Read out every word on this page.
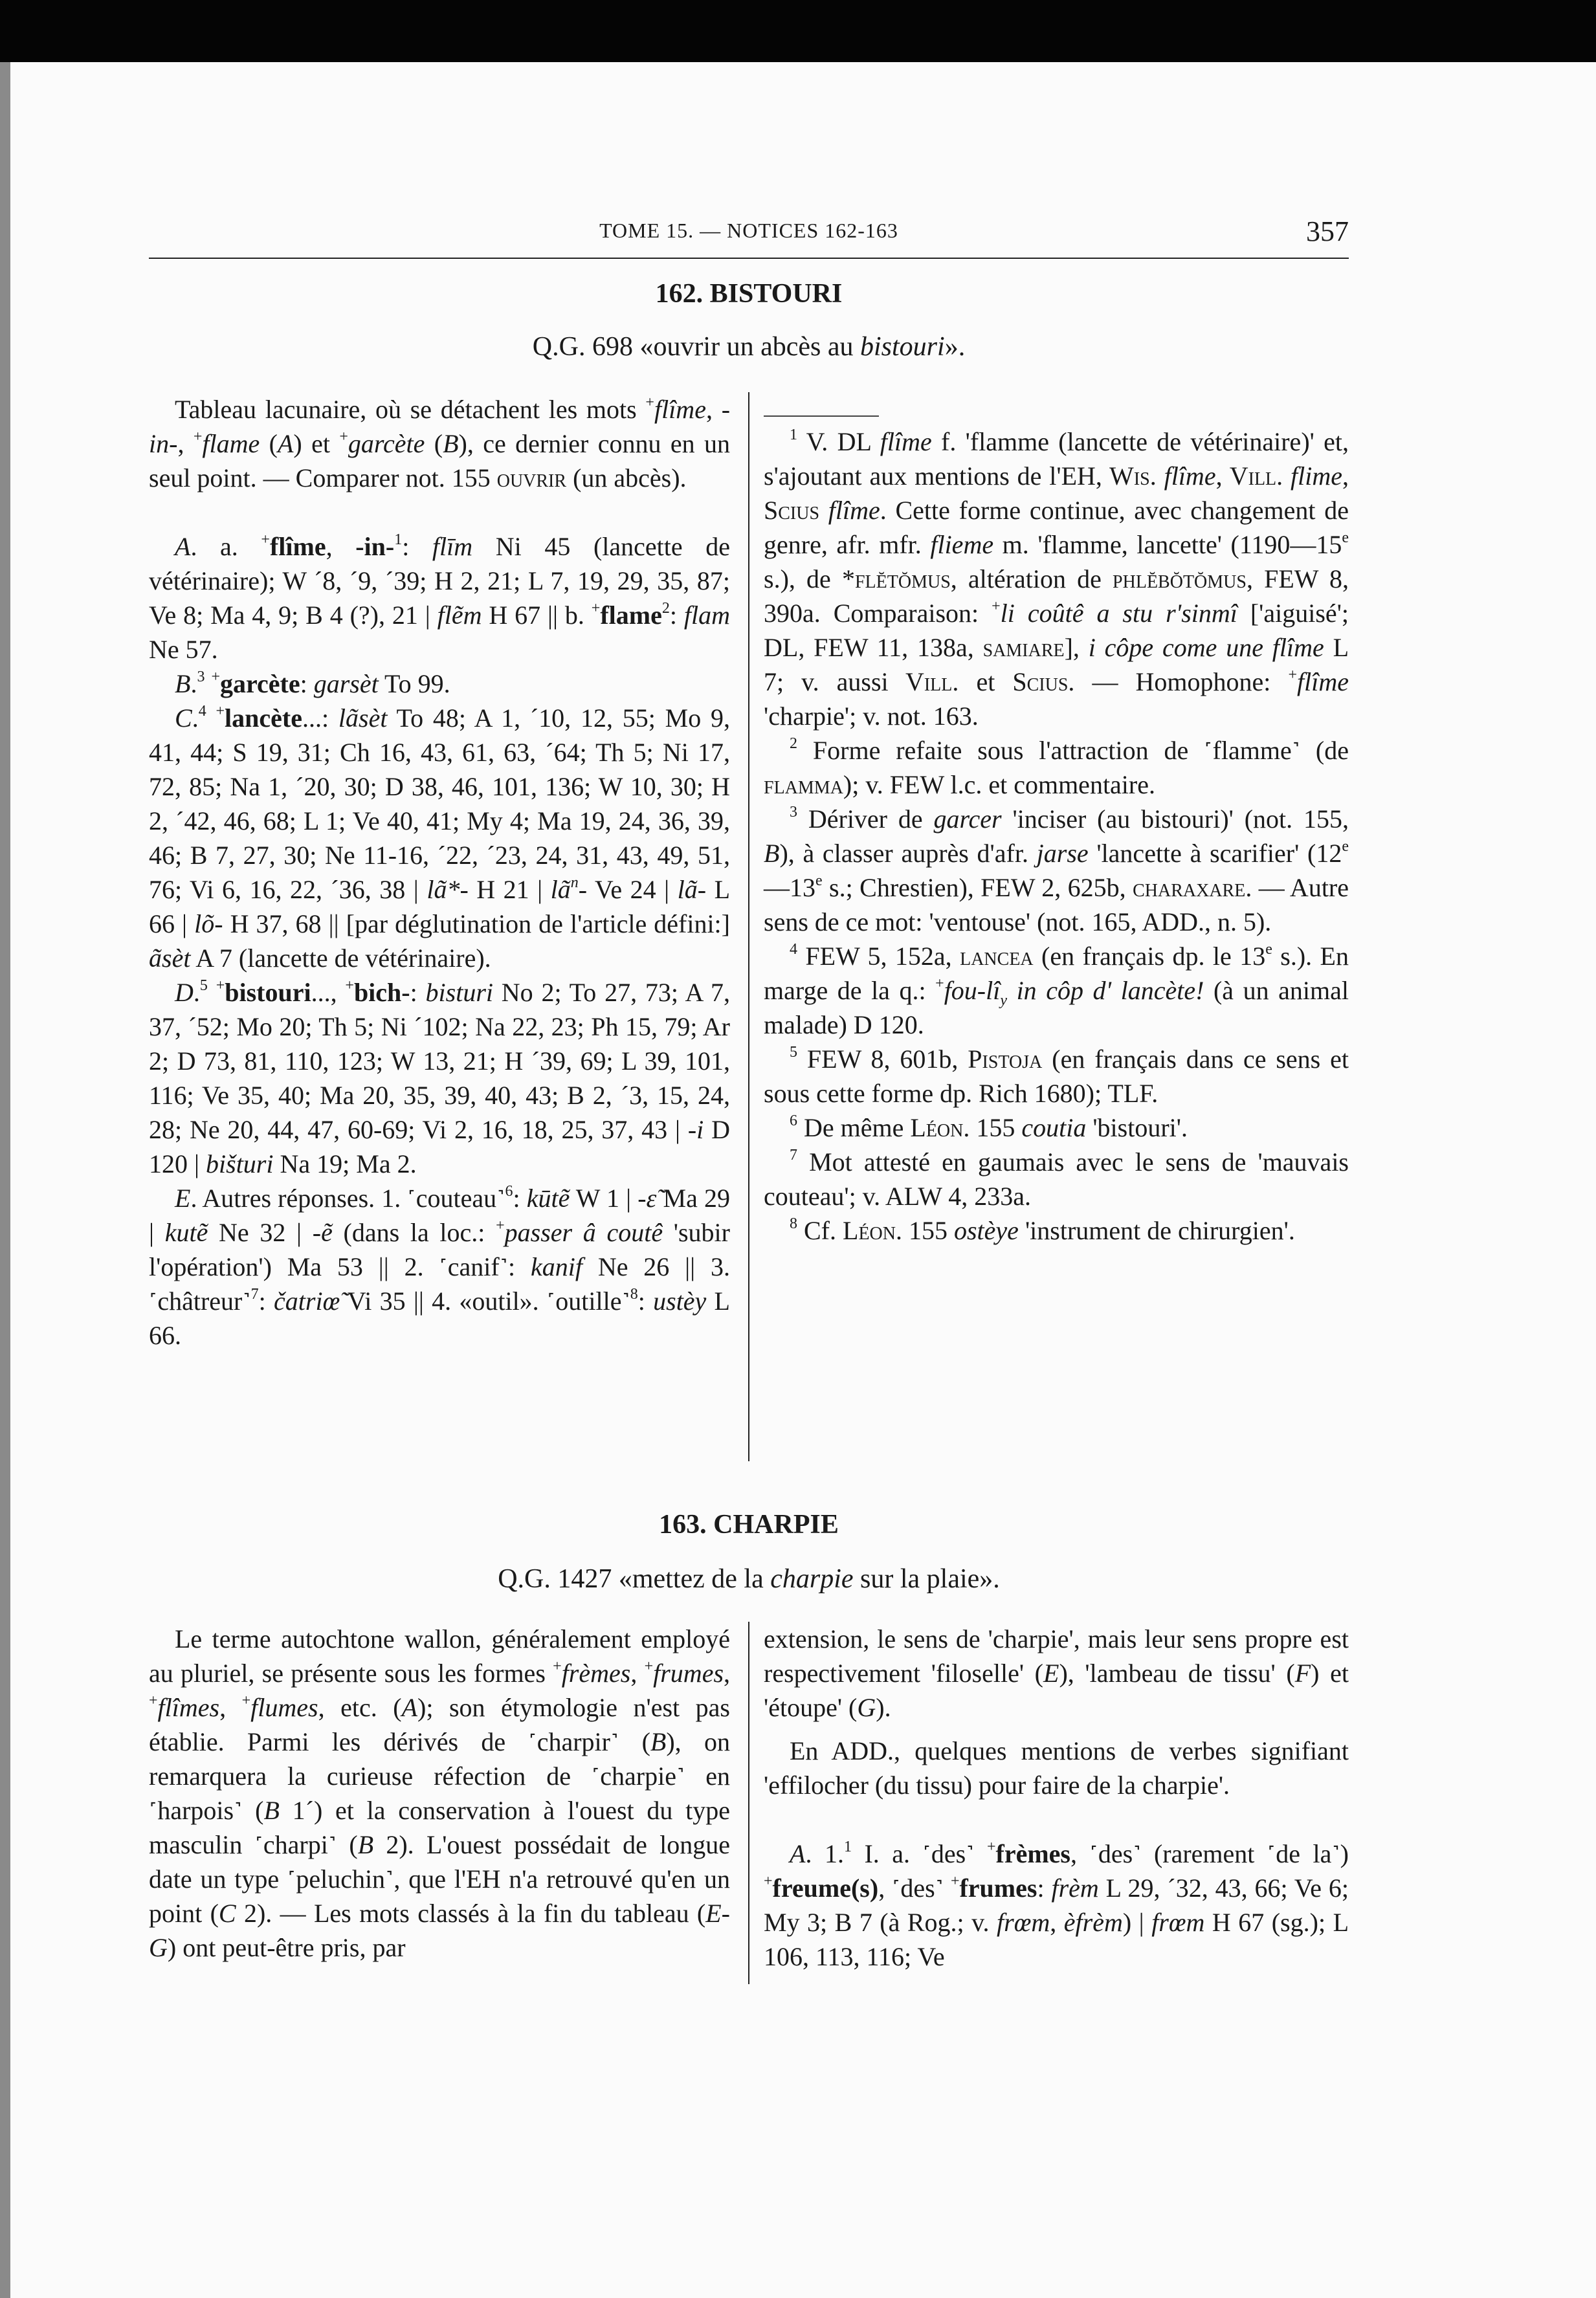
TOME 15. — NOTICES 162-163	357
162. BISTOURI
Q.G. 698 «ouvrir un abcès au bistouri».

Tableau lacunaire, où se détachent les mots +flîme, -in-, +flame (A) et +garcète (B), ce dernier connu en un seul point. — Comparer not. 155 ouvrir (un abcès).

A. a. +flîme, -in-$^1$: flīm Ni 45 (lancette de vétérinaire); W ´8, ´9, ´39; H 2, 21; L 7, 19, 29, 35, 87; Ve 8; Ma 4, 9; B 4 (?), 21 | flẽm H 67 || b. +flame$^2$: flam Ne 57.

B.$^3$ +garcète: garsèt To 99.

C.$^4$ +lancète...: lãsèt To 48; A 1, ´10, 12, 55; Mo 9, 41, 44; S 19, 31; Ch 16, 43, 61, 63, ´64; Th 5; Ni 17, 72, 85; Na 1, ´20, 30; D 38, 46, 101, 136; W 10, 30; H 2, ´42, 46, 68; L 1; Ve 40, 41; My 4; Ma 19, 24, 36, 39, 46; B 7, 27, 30; Ne 11-16, ´22, ´23, 24, 31, 43, 49, 51, 76; Vi 6, 16, 22, ´36, 38 | lã*- H 21 | $lã^n-$ Ve 24 | lã- L 66 | lõ- H 37, 68 || [par déglutination de l'article défini:] ãsèt A 7 (lancette de vétérinaire).

D.$^5$ +bistouri..., +bich-: bisturi No 2; To 27, 73; A 7, 37, ´52; Mo 20; Th 5; Ni ´102; Na 22, 23; Ph 15, 79; Ar 2; D 73, 81, 110, 123; W 13, 21; H ´39, 69; L 39, 101, 116; Ve 35, 40; Ma 20, 35, 39, 40, 43; B 2, ´3, 15, 24, 28; Ne 20, 44, 47, 60-69; Vi 2, 16, 18, 25, 37, 43 | -i D 120 | bišturi Na 19; Ma 2.

E. Autres réponses. 1. ˹couteau˺$^6$: kūtẽ W 1 | -ɛ̃ Ma 29 | kutẽ Ne 32 | -ẽ (dans la loc.: +passer â coutê 'subir l'opération') Ma 53 || 2. ˹canif˺: kanif Ne 26 || 3. ˹châtreur˺$^7$: čatriœ̃ Vi 35 || 4. «outil». ˹outille˺$^8$: ustèy L 66.

$^1$ V. DL flîme f. 'flamme (lancette de vétérinaire)' et, s'ajoutant aux mentions de l'EH, Wis. flîme, Vill. flime, Scius flîme. Cette forme continue, avec changement de genre, afr. mfr. flieme m. 'flamme, lancette' (1190—15e s.), de *flĕtŏmus, altération de phlĕbŏtŏmus, FEW 8, 390a. Comparaison: +li coûtê a stu r'sinmî ['aiguisé'; DL, FEW 11, 138a, samiare], i côpe come une flîme L 7; v. aussi Vill. et Scius. — Homophone: +flîme 'charpie'; v. not. 163.

$^2$ Forme refaite sous l'attraction de ˹flamme˺ (de flamma); v. FEW l.c. et commentaire.

$^3$ Dériver de garcer 'inciser (au bistouri)' (not. 155, B), à classer auprès d'afr. jarse 'lancette à scarifier' (12e—13e s.; Chrestien), FEW 2, 625b, charaxare. — Autre sens de ce mot: 'ventouse' (not. 165, ADD., n. 5).

$^4$ FEW 5, 152a, lancea (en français dp. le 13e s.). En marge de la q.: $^+fou-lî_y$ in côp d' lancète! (à un animal malade) D 120.

$^5$ FEW 8, 601b, Pistoja (en français dans ce sens et sous cette forme dp. Rich 1680); TLF.

$^6$ De même Léon. 155 coutia 'bistouri'.

$^7$ Mot attesté en gaumais avec le sens de 'mauvais couteau'; v. ALW 4, 233a.

$^8$ Cf. Léon. 155 ostèye 'instrument de chirurgien'.

163. CHARPIE
Q.G. 1427 «mettez de la charpie sur la plaie».

Le terme autochtone wallon, généralement employé au pluriel, se présente sous les formes +frèmes, +frumes, +flîmes, +flumes, etc. (A); son étymologie n'est pas établie. Parmi les dérivés de ˹charpir˺ (B), on remarquera la curieuse réfection de ˹charpie˺ en ˹harpois˺ (B 1´) et la conservation à l'ouest du type masculin ˹charpi˺ (B 2). L'ouest possédait de longue date un type ˹peluchin˺, que l'EH n'a retrouvé qu'en un point (C 2). — Les mots classés à la fin du tableau (E-G) ont peut-être pris, par

extension, le sens de 'charpie', mais leur sens propre est respectivement 'filoselle' (E), 'lambeau de tissu' (F) et 'étoupe' (G).

En ADD., quelques mentions de verbes signifiant 'effilocher (du tissu) pour faire de la charpie'.

A. 1.$^1$ I. a. ˹des˺ +frèmes, ˹des˺ (rarement ˹de la˺) +freume(s), ˹des˺ +frumes: frèm L 29, ´32, 43, 66; Ve 6; My 3; B 7 (à Rog.; v. frœm, èfrèm) | frœm H 67 (sg.); L 106, 113, 116; Ve
